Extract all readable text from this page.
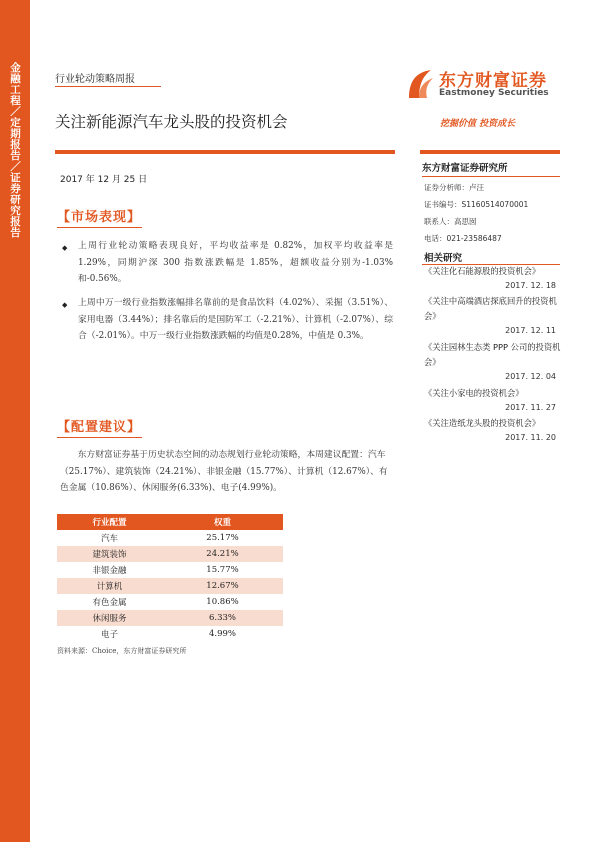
金融工程／定期报告／证券研究报告	行业轮动策略周报	东方财富证券
Eastmoney Securities
挖掘价值 投资成长
关注新能源汽车龙头股的投资机会
2017 年 12 月 25 日
【市场表现】
◆ 上周行业轮动策略表现良好，平均收益率是 0.82%，加权平均收益率是 1.29%，同期沪深 300 指数涨跌幅是 1.85%，超额收益分别为-1.03%和-0.56%。
◆ 上周中万一级行业指数涨幅排名靠前的是食品饮料（4.02%）、采掘（3.51%）、家用电器（3.44%）；排名靠后的是国防军工（-2.21%）、计算机（-2.07%）、综合（-2.01%）。中万一级行业指数涨跌幅的均值是0.28%，中值是 0.3%。
【配置建议】
东方财富证券基于历史状态空间的动态规划行业轮动策略，本周建议配置：汽车（25.17%）、建筑装饰（24.21%）、非银金融（15.77%）、计算机（12.67%）、有色金属（10.86%）、休闲服务(6.33%)、电子(4.99%)。
行业配置	权重
汽车	25.17%
建筑装饰	24.21%
非银金融	15.77%
计算机	12.67%
有色金属	10.86%
休闲服务	6.33%
电子	4.99%
资料来源：Choice，东方财富证券研究所
东方财富证券研究所
证券分析师：卢汪
证书编号：S1160514070001
联系人：高思囡
电话：021-23586487
相关研究
《关注化石能源股的投资机会》
2017. 12. 18
《关注中高端酒店探底回升的投资机会》
2017. 12. 11
《关注园林生态类 PPP 公司的投资机会》
2017. 12. 04
《关注小家电的投资机会》
2017. 11. 27
《关注造纸龙头股的投资机会》
2017. 11. 20
